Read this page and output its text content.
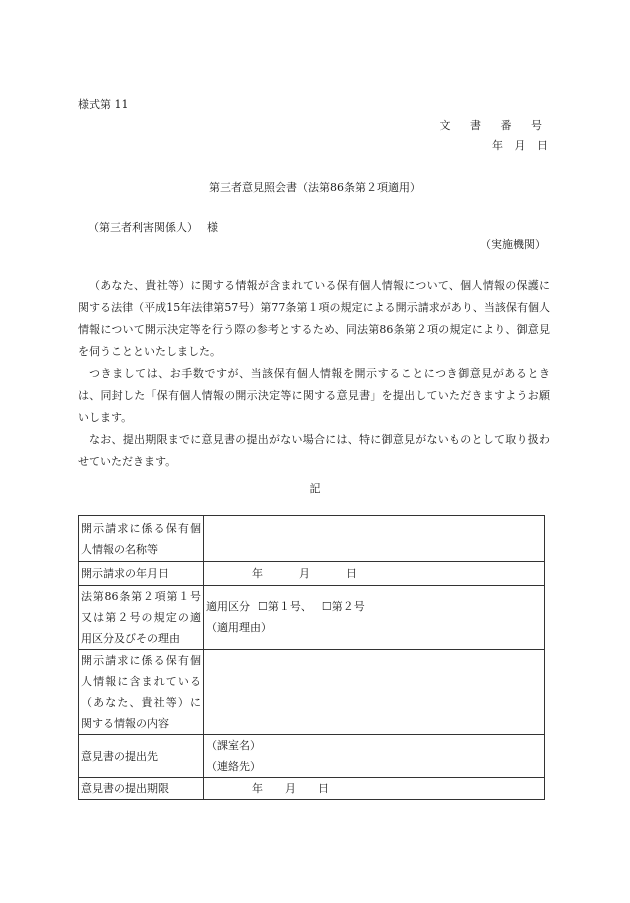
様式第 11
文 書 番 号
年 月 日
第三者意見照会書（法第86条第２項適用）
（第三者利害関係人） 様
（実施機関）

（あなた、貴社等）に関する情報が含まれている保有個人情報について、個人情報の保護に関する法律（平成15年法律第57号）第77条第１項の規定による開示請求があり、当該保有個人情報について開示決定等を行う際の参考とするため、同法第86条第２項の規定により、御意見を伺うことといたしました。

つきましては、お手数ですが、当該保有個人情報を開示することにつき御意見があるときは、同封した「保有個人情報の開示決定等に関する意見書」を提出していただきますようお願いします。

なお、提出期限までに意見書の提出がない場合には、特に御意見がないものとして取り扱わせていただきます。

記
開示請求に係る保有個人情報の名称等	
開示請求の年月日	年 月 日
法第86条第２項第１号又は第２号の規定の適用区分及びその理由	適用区分 ☐第１号、 ☐第２号
（適用理由）

開示請求に係る保有個人情報に含まれている（あなた、貴社等）に関する情報の内容	
意見書の提出先	（課室名）
（連絡先）

意見書の提出期限	年 月 日
